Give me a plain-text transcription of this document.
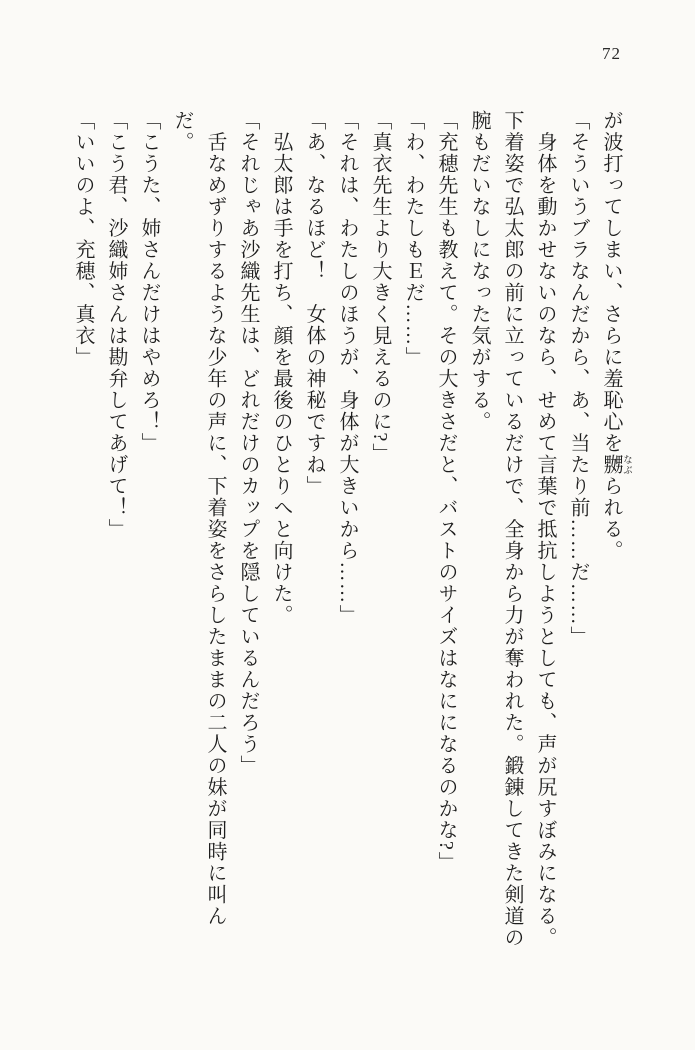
72

が波打ってしまい、さらに羞恥心を嬲 なぶられる。

「そういうブラなんだから、あ、当たり前……だ……」

　身体を動かせないのなら、せめて言葉で抵抗しようとしても、声が尻すぼみになる。下着姿で弘太郎の前に立っているだけで、全身から力が奪われた。鍛錬してきた剣道の腕もだいなしになった気がする。

「充穂先生も教えて。その大きさだと、バストのサイズはなにになるのかな?」

「わ、わたしもＥだ……」

「真衣先生より大きく見えるのに?」

「それは、わたしのほうが、身体が大きいから……」

「あ、なるほど！　女体の神秘ですね」

　弘太郎は手を打ち、顔を最後のひとりへと向けた。

「それじゃあ沙織先生は、どれだけのカップを隠しているんだろう」

　舌なめずりするような少年の声に、下着姿をさらしたままの二人の妹が同時に叫んだ。

「こうた、姉さんだけはやめろ！」

「こう君、沙織姉さんは勘弁してあげて！」

「いいのよ、充穂、真衣」
